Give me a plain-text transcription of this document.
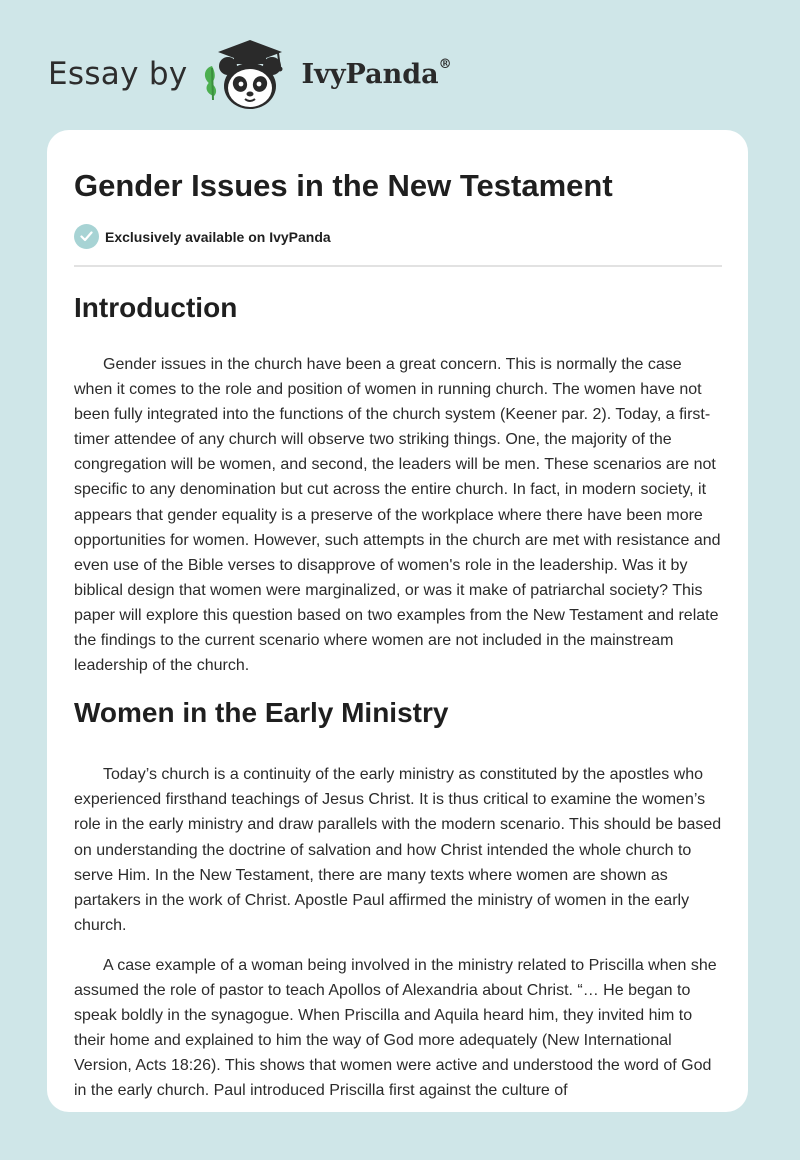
Essay by	IvyPanda®
Gender Issues in the New Testament
Exclusively available on IvyPanda
Introduction

Gender issues in the church have been a great concern. This is normally the case when it comes to the role and position of women in running church. The women have not been fully integrated into the functions of the church system (Keener par. 2). Today, a first-timer attendee of any church will observe two striking things. One, the majority of the congregation will be women, and second, the leaders will be men. These scenarios are not specific to any denomination but cut across the entire church. In fact, in modern society, it appears that gender equality is a preserve of the workplace where there have been more opportunities for women. However, such attempts in the church are met with resistance and even use of the Bible verses to disapprove of women's role in the leadership. Was it by biblical design that women were marginalized, or was it make of patriarchal society? This paper will explore this question based on two examples from the New Testament and relate the findings to the current scenario where women are not included in the mainstream leadership of the church.

Women in the Early Ministry

Today’s church is a continuity of the early ministry as constituted by the apostles who experienced firsthand teachings of Jesus Christ. It is thus critical to examine the women’s role in the early ministry and draw parallels with the modern scenario. This should be based on understanding the doctrine of salvation and how Christ intended the whole church to serve Him. In the New Testament, there are many texts where women are shown as partakers in the work of Christ. Apostle Paul affirmed the ministry of women in the early church.

A case example of a woman being involved in the ministry related to Priscilla when she assumed the role of pastor to teach Apollos of Alexandria about Christ. “… He began to speak boldly in the synagogue. When Priscilla and Aquila heard him, they invited him to their home and explained to him the way of God more adequately (New International Version, Acts 18:26). This shows that women were active and understood the word of God in the early church. Paul introduced Priscilla first against the culture of
